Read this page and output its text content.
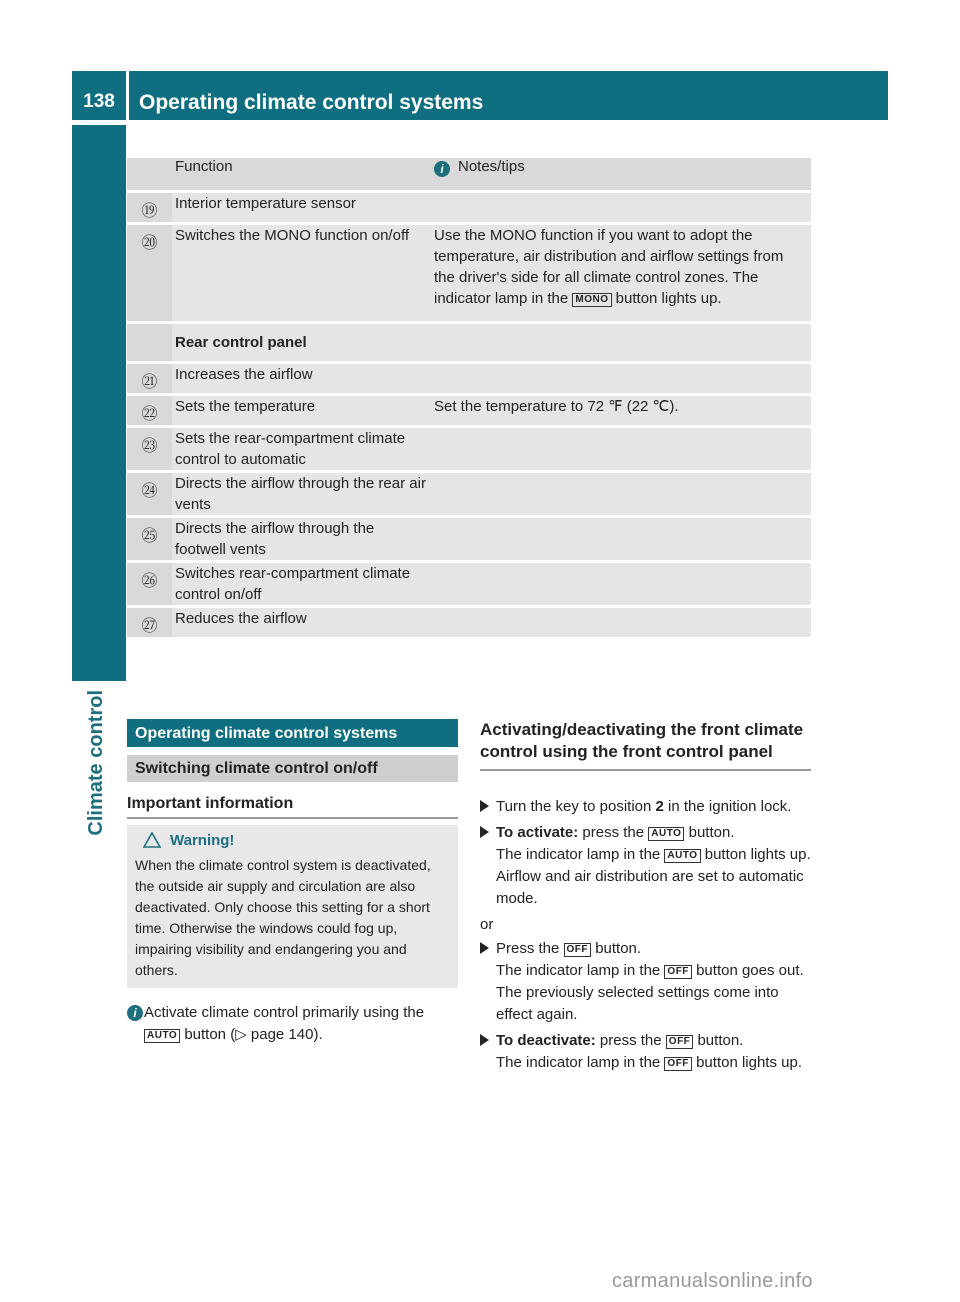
138	Operating climate control systems
Climate control
	Function	i Notes/tips
⑲	Interior temperature sensor	
⑳	Switches the MONO function on/off	Use the MONO function if you want to adopt the temperature, air distribution and airflow settings from the driver's side for all climate control zones. The indicator lamp in the MONO button lights up.
	Rear control panel	
㉑	Increases the airflow	
㉒	Sets the temperature	Set the temperature to 72 ℉ (22 ℃).
㉓	Sets the rear-compartment climate control to automatic	
㉔	Directs the airflow through the rear air vents	
㉕	Directs the airflow through the footwell vents	
㉖	Switches rear-compartment climate control on/off	
㉗	Reduces the airflow	
Operating climate control systems
Switching climate control on/off
Important information
Warning!
When the climate control system is deactivated, the outside air supply and circulation are also deactivated. Only choose this setting for a short time. Otherwise the windows could fog up, impairing visibility and endangering you and others.
i Activate climate control primarily using the AUTO button (▷ page 140).
Activating/deactivating the front climate control using the front control panel
Turn the key to position 2 in the ignition lock.
To activate: press the AUTO button.
The indicator lamp in the AUTO button lights up. Airflow and air distribution are set to automatic mode.
or
Press the OFF button.
The indicator lamp in the OFF button goes out. The previously selected settings come into effect again.
To deactivate: press the OFF button.
The indicator lamp in the OFF button lights up.
carmanualsonline.info
